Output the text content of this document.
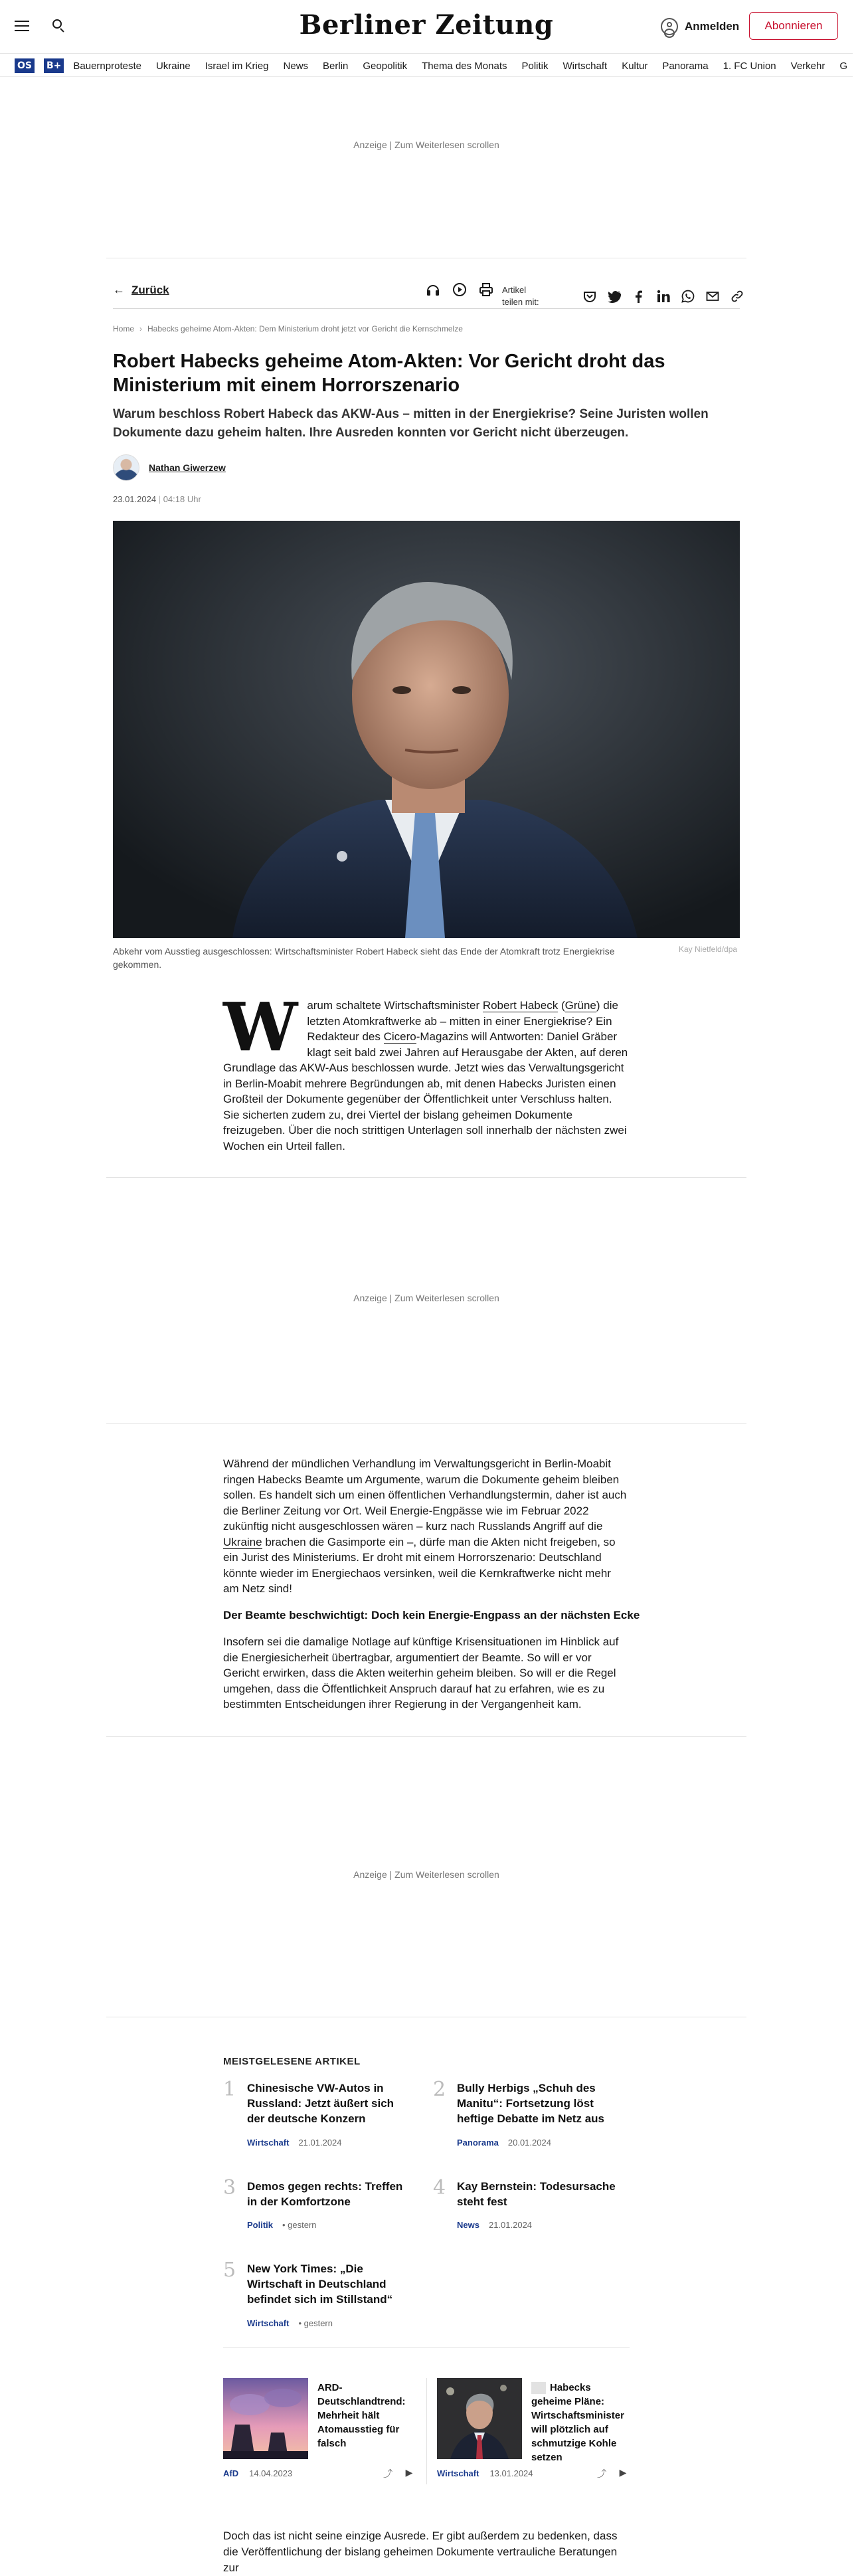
Berliner Zeitung	Anmelden	Abonnieren
OS B+ Bauernproteste Ukraine Israel im Krieg News Berlin Geopolitik Thema des Monats Politik Wirtschaft Kultur Panorama 1. FC Union Verkehr G
Anzeige | Zum Weiterlesen scrollen
← Zurück	Artikel teilen mit:
Home › Habecks geheime Atom-Akten: Dem Ministerium droht jetzt vor Gericht die Kernschmelze
Robert Habecks geheime Atom-Akten: Vor Gericht droht das Ministerium mit einem Horrorszenario

Warum beschloss Robert Habeck das AKW-Aus – mitten in der Energiekrise? Seine Juristen wollen Dokumente dazu geheim halten. Ihre Ausreden konnten vor Gericht nicht überzeugen.

Nathan Giwerzew
23.01.2024 | 04:18 Uhr
Abkehr vom Ausstieg ausgeschlossen: Wirtschaftsminister Robert Habeck sieht das Ende der Atomkraft trotz Energiekrise gekommen.
Kay Nietfeld/dpa
Warum schaltete Wirtschaftsminister Robert Habeck (Grüne) die letzten Atomkraftwerke ab – mitten in einer Energiekrise? Ein Redakteur des Cicero-Magazins will Antworten: Daniel Gräber klagt seit bald zwei Jahren auf Herausgabe der Akten, auf deren Grundlage das AKW-Aus beschlossen wurde. Jetzt wies das Verwaltungsgericht in Berlin-Moabit mehrere Begründungen ab, mit denen Habecks Juristen einen Großteil der Dokumente gegenüber der Öffentlichkeit unter Verschluss halten. Sie sicherten zudem zu, drei Viertel der bislang geheimen Dokumente freizugeben. Über die noch strittigen Unterlagen soll innerhalb der nächsten zwei Wochen ein Urteil fallen.
Anzeige | Zum Weiterlesen scrollen
Während der mündlichen Verhandlung im Verwaltungsgericht in Berlin-Moabit ringen Habecks Beamte um Argumente, warum die Dokumente geheim bleiben sollen. Es handelt sich um einen öffentlichen Verhandlungstermin, daher ist auch die Berliner Zeitung vor Ort. Weil Energie-Engpässe wie im Februar 2022 zukünftig nicht ausgeschlossen wären – kurz nach Russlands Angriff auf die Ukraine brachen die Gasimporte ein –, dürfe man die Akten nicht freigeben, so ein Jurist des Ministeriums. Er droht mit einem Horrorszenario: Deutschland könnte wieder im Energiechaos versinken, weil die Kernkraftwerke nicht mehr am Netz sind!
Der Beamte beschwichtigt: Doch kein Energie-Engpass an der nächsten Ecke
Insofern sei die damalige Notlage auf künftige Krisensituationen im Hinblick auf die Energiesicherheit übertragbar, argumentiert der Beamte. So will er vor Gericht erwirken, dass die Akten weiterhin geheim bleiben. So will er die Regel umgehen, dass die Öffentlichkeit Anspruch darauf hat zu erfahren, wie es zu bestimmten Entscheidungen ihrer Regierung in der Vergangenheit kam.
Anzeige | Zum Weiterlesen scrollen
MEISTGELESENE ARTIKEL
1 Chinesische VW-Autos in Russland: Jetzt äußert sich der deutsche Konzern
Wirtschaft 21.01.2024
2 Bully Herbigs „Schuh des Manitu“: Fortsetzung löst heftige Debatte im Netz aus
Panorama 20.01.2024
3 Demos gegen rechts: Treffen in der Komfortzone
Politik • gestern
4 Kay Bernstein: Todesursache steht fest
News 21.01.2024
5 New York Times: „Die Wirtschaft in Deutschland befindet sich im Stillstand“
Wirtschaft • gestern
ARD-Deutschlandtrend: Mehrheit hält Atomausstieg für falsch
AfD 14.04.2023	⤴	▶
Habecks geheime Pläne: Wirtschaftsminister will plötzlich auf schmutzige Kohle setzen
Wirtschaft 13.01.2024	⤴	▶
Doch das ist nicht seine einzige Ausrede. Er gibt außerdem zu bedenken, dass die Veröffentlichung der bislang geheimen Dokumente vertrauliche Beratungen zur
